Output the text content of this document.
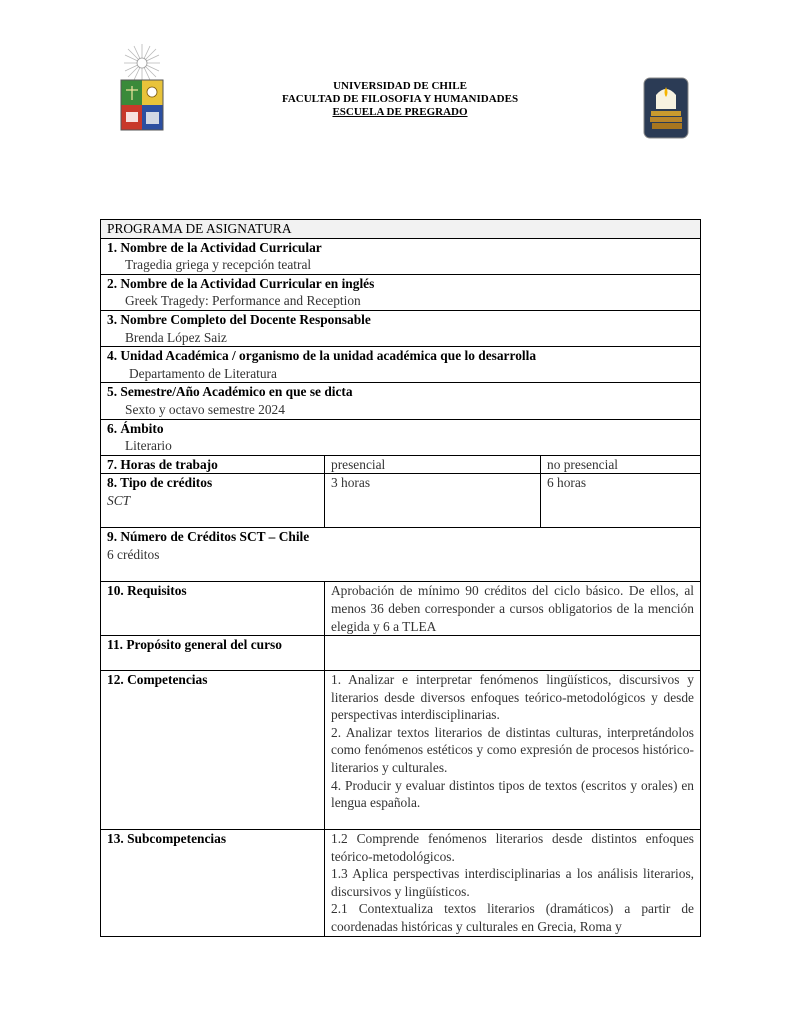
UNIVERSIDAD DE CHILE
FACULTAD DE FILOSOFIA Y HUMANIDADES
ESCUELA DE PREGRADO
PROGRAMA DE ASIGNATURA		

1. Nombre de la Actividad Curricular
Tragedia griega y recepción teatral		

2. Nombre de la Actividad Curricular en inglés
Greek Tragedy: Performance and Reception		

3. Nombre Completo del Docente Responsable
Brenda López Saiz		

4. Unidad Académica / organismo de la unidad académica que lo desarrolla
Departamento de Literatura		

5. Semestre/Año Académico en que se dicta
Sexto y octavo semestre 2024		

6. Ámbito
Literario		

7. Horas de trabajo	presencial	no presencial

8. Tipo de créditos
SCT	3 horas	6 horas

9. Número de Créditos SCT – Chile
6 créditos		

10. Requisitos	Aprobación de mínimo 90 créditos del ciclo básico. De ellos, al menos 36 deben corresponder a cursos obligatorios de la mención elegida y 6 a TLEA	
11. Propósito general del curso		
12. Competencias	1. Analizar e interpretar fenómenos lingüísticos, discursivos y literarios desde diversos enfoques teórico-metodológicos y desde perspectivas interdisciplinarias.
2. Analizar textos literarios de distintas culturas, interpretándolos como fenómenos estéticos y como expresión de procesos histórico-literarios y culturales.
4. Producir y evaluar distintos tipos de textos (escritos y orales) en lengua española.	

13. Subcompetencias	1.2 Comprende fenómenos literarios desde distintos enfoques teórico-metodológicos.
1.3 Aplica perspectivas interdisciplinarias a los análisis literarios, discursivos y lingüísticos.
2.1 Contextualiza textos literarios (dramáticos) a partir de coordenadas históricas y culturales en Grecia, Roma y	
